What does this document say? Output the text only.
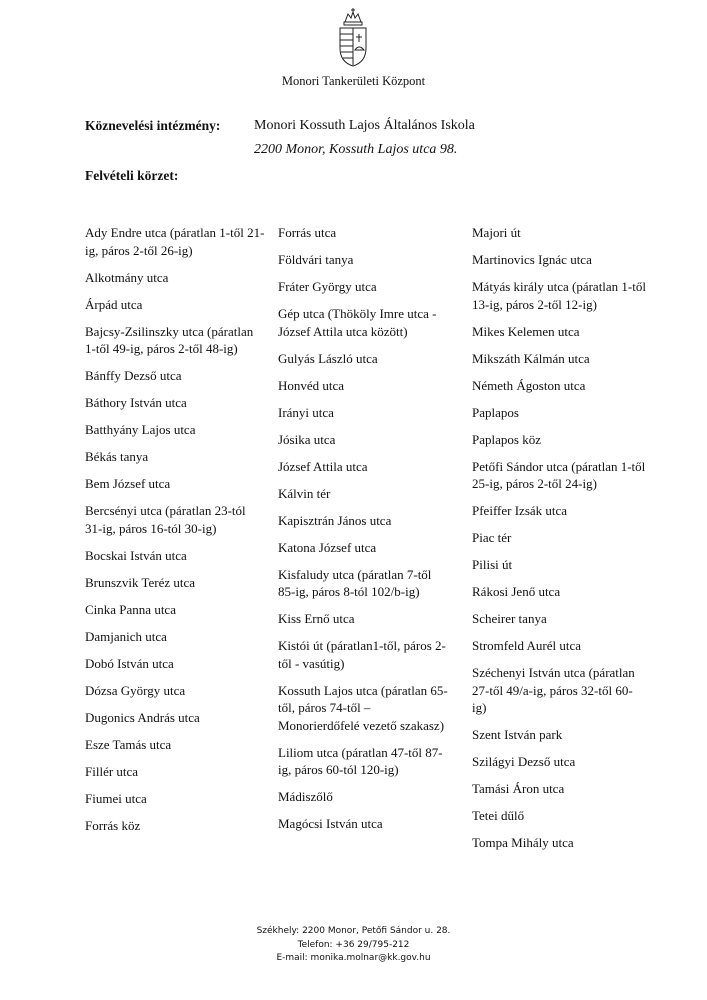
Monori Tankerületi Központ
Köznevelési intézmény: Monori Kossuth Lajos Általános Iskola
2200 Monor, Kossuth Lajos utca 98.
Felvételi körzet:
Ady Endre utca (páratlan 1-től 21-ig, páros 2-től 26-ig)
Alkotmány utca
Árpád utca
Bajcsy-Zsilinszky utca (páratlan 1-től 49-ig, páros 2-től 48-ig)
Bánffy Dezső utca
Báthory István utca
Batthyány Lajos utca
Békás tanya
Bem József utca
Bercsényi utca (páratlan 23-tól 31-ig, páros 16-tól 30-ig)
Bocskai István utca
Brunszvik Teréz utca
Cinka Panna utca
Damjanich utca
Dobó István utca
Dózsa György utca
Dugonics András utca
Esze Tamás utca
Fillér utca
Fiumei utca
Forrás köz
Forrás utca
Földvári tanya
Fráter György utca
Gép utca (Thököly Imre utca - József Attila utca között)
Gulyás László utca
Honvéd utca
Irányi utca
Jósika utca
József Attila utca
Kálvin tér
Kapisztrán János utca
Katona József utca
Kisfaludy utca (páratlan 7-től 85-ig, páros 8-tól 102/b-ig)
Kiss Ernő utca
Kistói út (páratlan1-től, páros 2-től - vasútig)
Kossuth Lajos utca (páratlan 65-től, páros 74-től – Monorierdőfelé vezető szakasz)
Liliom utca (páratlan 47-től 87-ig, páros 60-tól 120-ig)
Mádiszőlő
Magócsi István utca
Majori út
Martinovics Ignác utca
Mátyás király utca (páratlan 1-től 13-ig, páros 2-től 12-ig)
Mikes Kelemen utca
Mikszáth Kálmán utca
Németh Ágoston utca
Paplapos
Paplapos köz
Petőfi Sándor utca (páratlan 1-től 25-ig, páros 2-től 24-ig)
Pfeiffer Izsák utca
Piac tér
Pilisi út
Rákosi Jenő utca
Scheirer tanya
Stromfeld Aurél utca
Széchenyi István utca (páratlan 27-től 49/a-ig, páros 32-től 60-ig)
Szent István park
Szilágyi Dezső utca
Tamási Áron utca
Tetei dűlő
Tompa Mihály utca
Székhely: 2200 Monor, Petőfi Sándor u. 28.
Telefon: +36 29/795-212
E-mail: monika.molnar@kk.gov.hu
